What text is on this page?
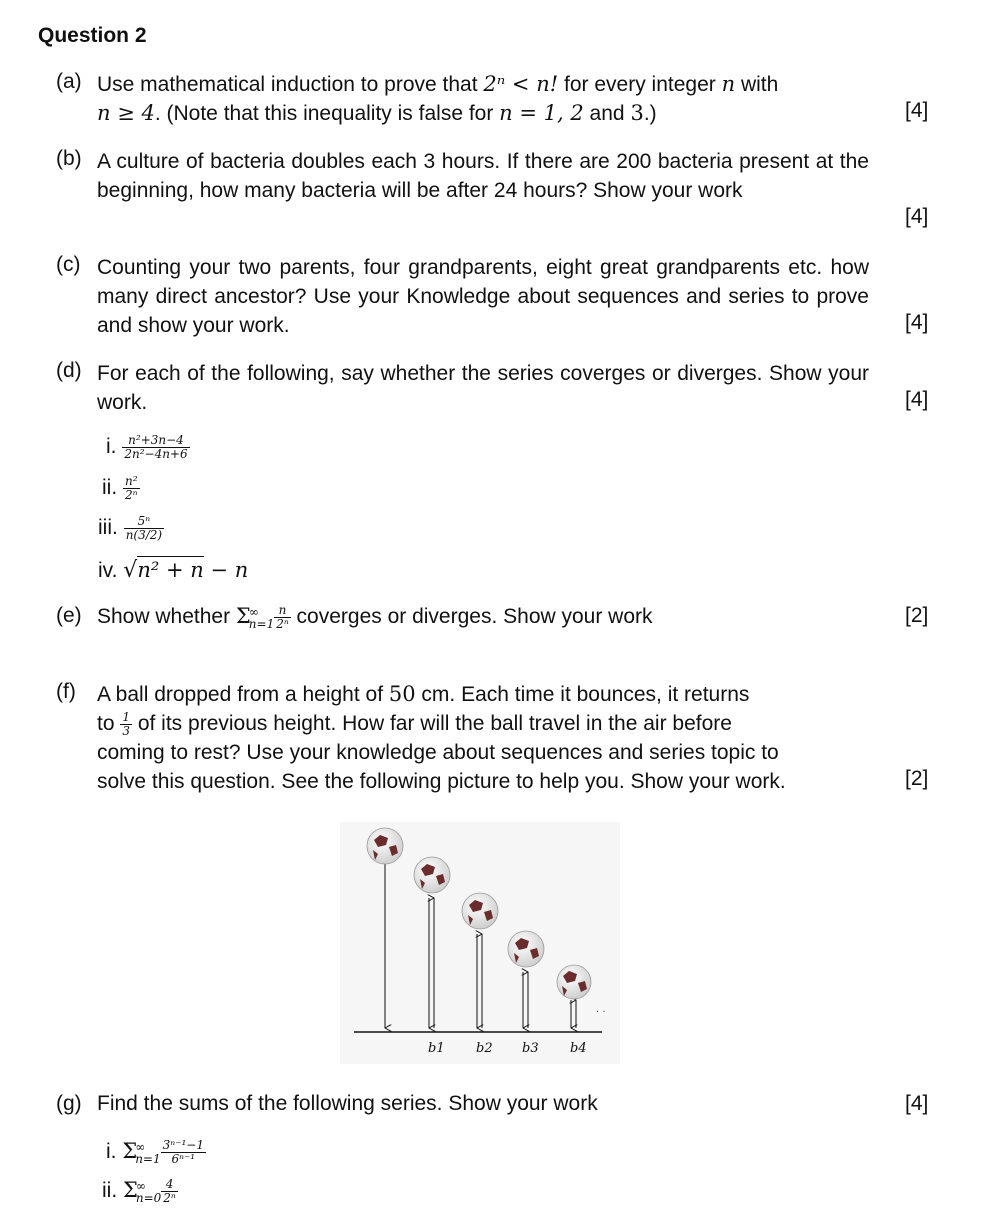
Question 2
(a) Use mathematical induction to prove that 2ⁿ < n! for every integer n with
n ≥ 4. (Note that this inequality is false for n = 1, 2 and 3.)	[4]
(b) A culture of bacteria doubles each 3 hours. If there are 200 bacteria present at the beginning, how many bacteria will be after 24 hours? Show your work
[4]
(c) Counting your two parents, four grandparents, eight great grandparents etc. how many direct ancestor? Use your Knowledge about sequences and series to prove and show your work.	[4]
(d) For each of the following, say whether the series coverges or diverges. Show your work.	[4]
i. $\frac{\text{n²+3n−4}}{\text{2n²−4n+6}}$
ii. $\frac{\text{n²}}{\text{2ⁿ}}$
iii. $\frac{\text{5ⁿ}}{n(3/2)}$
iv. √n² + n − n
(e) Show whether Σ
∞
$n=1 \frac{n}{\text{2ⁿ}}$ coverges or diverges. Show your work	[2]
(f) A ball dropped from a height of 50 cm. Each time it bounces, it returns
to $\frac{1}{3}$ of its previous height. How far will the ball travel in the air before
coming to rest? Use your knowledge about sequences and series topic to
solve this question. See the following picture to help you. Show your work.	[2]
. .
b1 b2 b3 b4
(g) Find the sums of the following series. Show your work	[4]
i. Σ
∞
$n=1 \frac{\text{3ⁿ⁻¹−1}}{\text{6ⁿ⁻¹}}$
ii. Σ
∞
$n=0 \frac{4}{\text{2ⁿ}}$
